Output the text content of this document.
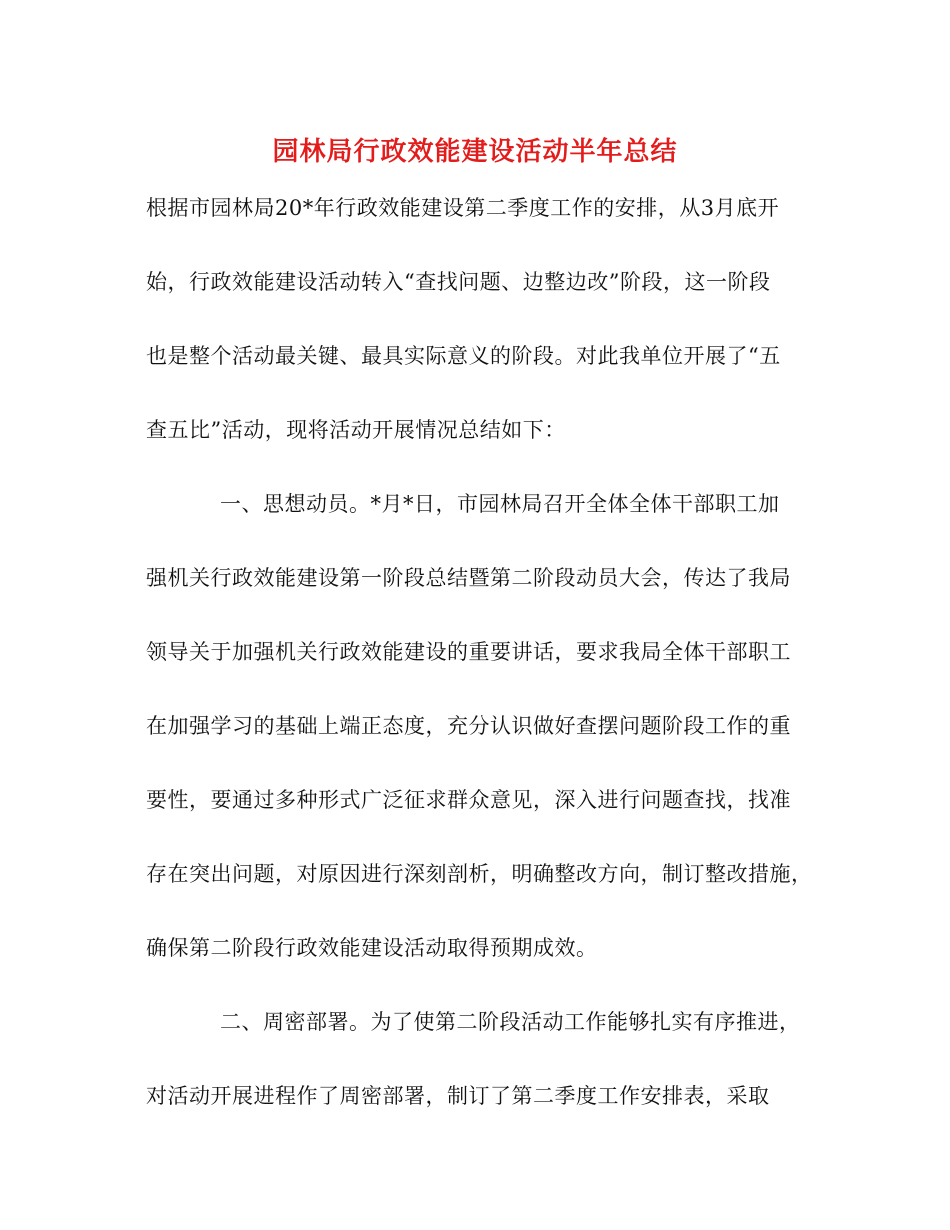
园林局行政效能建设活动半年总结
根据市园林局20*年行政效能建设第二季度工作的安排，从3月底开
始，行政效能建设活动转入“查找问题、边整边改”阶段，这一阶段
也是整个活动最关键、最具实际意义的阶段。对此我单位开展了“五
查五比”活动，现将活动开展情况总结如下：
一、思想动员。*月*日，市园林局召开全体全体干部职工加
强机关行政效能建设第一阶段总结暨第二阶段动员大会，传达了我局
领导关于加强机关行政效能建设的重要讲话，要求我局全体干部职工
在加强学习的基础上端正态度，充分认识做好查摆问题阶段工作的重
要性，要通过多种形式广泛征求群众意见，深入进行问题查找，找准
存在突出问题，对原因进行深刻剖析，明确整改方向，制订整改措施，
确保第二阶段行政效能建设活动取得预期成效。
二、周密部署。为了使第二阶段活动工作能够扎实有序推进，
对活动开展进程作了周密部署，制订了第二季度工作安排表，采取
